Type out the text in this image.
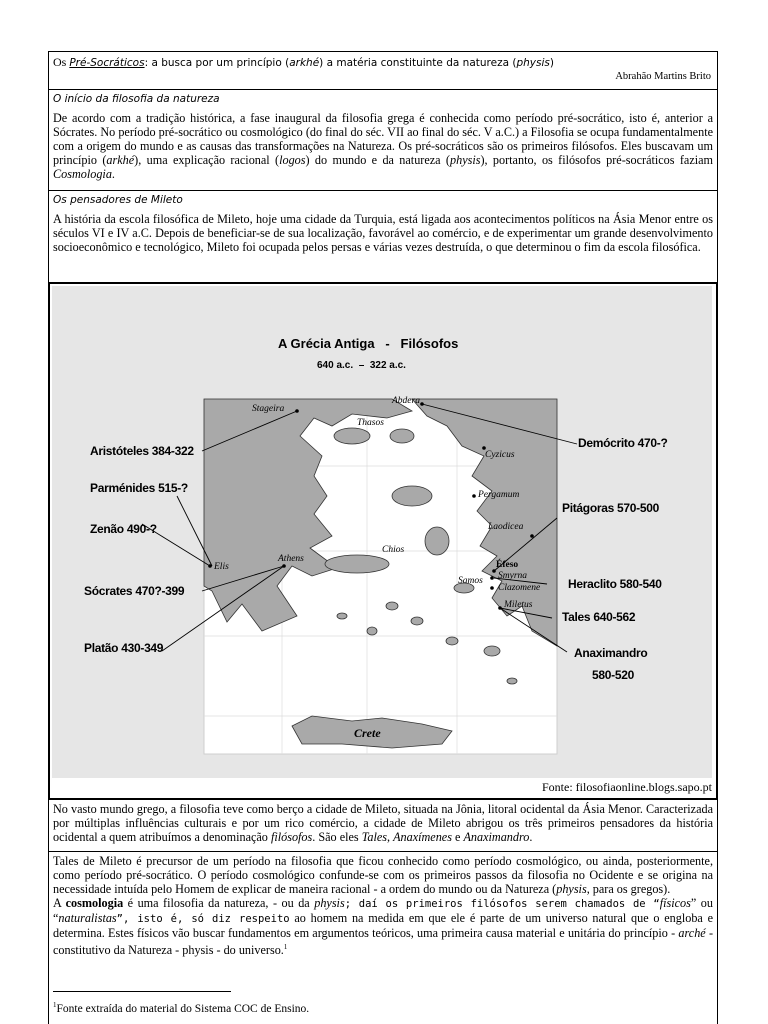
Os Pré-Socráticos: a busca por um princípio (arkhé) a matéria constituinte da natureza (physis)
Abrahão Martins Brito
O início da filosofia da natureza

De acordo com a tradição histórica, a fase inaugural da filosofia grega é conhecida como período pré-socrático, isto é, anterior a Sócrates. No período pré-socrático ou cosmológico (do final do séc. VII ao final do séc. V a.C.) a Filosofia se ocupa fundamentalmente com a origem do mundo e as causas das transformações na Natureza. Os pré-socráticos são os primeiros filósofos. Eles buscavam um princípio (arkhé), uma explicação racional (logos) do mundo e da natureza (physis), portanto, os filósofos pré-socráticos faziam Cosmologia.

Os pensadores de Mileto

A história da escola filosófica de Mileto, hoje uma cidade da Turquia, está ligada aos acontecimentos políticos na Ásia Menor entre os séculos VI e IV a.C. Depois de beneficiar-se de sua localização, favorável ao comércio, e de experimentar um grande desenvolvimento socioeconômico e tecnológico, Mileto foi ocupada pelos persas e várias vezes destruída, o que determinou o fim da escola filosófica.

A Grécia Antiga   -   Filósofos
640 a.c.  –  322 a.c.
Stageira
Abdera
Thasos
Cyzicus
Pergamum
Laodicea
Chios
Elis
Athens
Éfeso
Smyrna
Samos
Clazomene
Miletus
Crete
Aristóteles 384-322
Parménides 515-?
Zenão 490-?
Sócrates 470?-399
Platão 430-349
Demócrito 470-?
Pitágoras 570-500
Heraclito 580-540
Tales 640-562
Anaximandro
580-520
Fonte: filosofiaonline.blogs.sapo.pt

No vasto mundo grego, a filosofia teve como berço a cidade de Mileto, situada na Jônia, litoral ocidental da Ásia Menor. Caracterizada por múltiplas influências culturais e por um rico comércio, a cidade de Mileto abrigou os três primeiros pensadores da história ocidental a quem atribuímos a denominação filósofos. São eles Tales, Anaxímenes e Anaximandro.

Tales de Mileto é precursor de um período na filosofia que ficou conhecido como período cosmológico, ou ainda, posteriormente, como período pré-socrático. O período cosmológico confunde-se com os primeiros passos da filosofia no Ocidente e se origina na necessidade intuída pelo Homem de explicar de maneira racional - a ordem do mundo ou da Natureza (physis, para os gregos).

A cosmologia é uma filosofia da natureza, - ou da physis; daí os primeiros filósofos serem chamados de “físicos” ou “naturalistas”, isto é, só diz respeito ao homem na medida em que ele é parte de um universo natural que o engloba e determina. Estes físicos vão buscar fundamentos em argumentos teóricos, uma primeira causa material e unitária do princípio - arché - constitutivo da Natureza - physis - do universo.$^1$

$^1$Fonte extraída do material do Sistema COC de Ensino.
